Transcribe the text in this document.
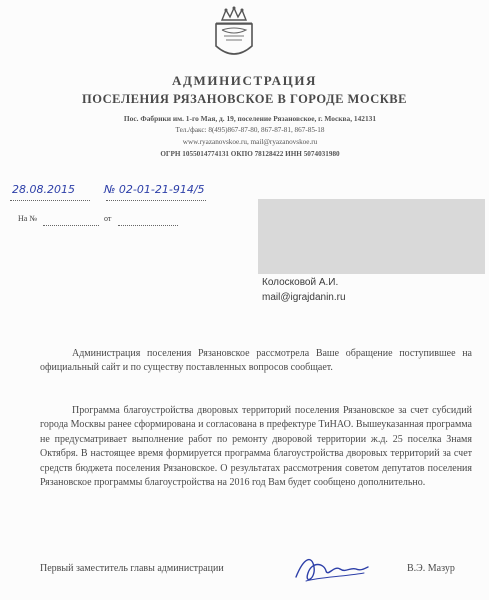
АДМИНИСТРАЦИЯ
ПОСЕЛЕНИЯ РЯЗАНОВСКОЕ В ГОРОДЕ МОСКВЕ
Пос. Фабрики им. 1-го Мая, д. 19, поселение Рязановское, г. Москва, 142131
Тел./факс: 8(495)867-87-80, 867-87-81, 867-85-18
www.ryazanovskoe.ru, mail@ryazanovskoe.ru
ОГРН 1055014774131 ОКПО 78128422 ИНН 5074031980
28.08.2015	№ 02-01-21-914/5
На №	от
Колосковой А.И.
mail@igrajdanin.ru
Администрация поселения Рязановское рассмотрела Ваше обращение поступившее на официальный сайт и по существу поставленных вопросов сообщает.
Программа благоустройства дворовых территорий поселения Рязановское за счет субсидий города Москвы ранее сформирована и согласована в префектуре ТиНАО. Вышеуказанная программа не предусматривает выполнение работ по ремонту дворовой территории ж.д. 25 поселка Знамя Октября. В настоящее время формируется программа благоустройства дворовых территорий за счет средств бюджета поселения Рязановское. О результатах рассмотрения советом депутатов поселения Рязановское программы благоустройства на 2016 год Вам будет сообщено дополнительно.
Первый заместитель главы администрации	В.Э. Мазур
